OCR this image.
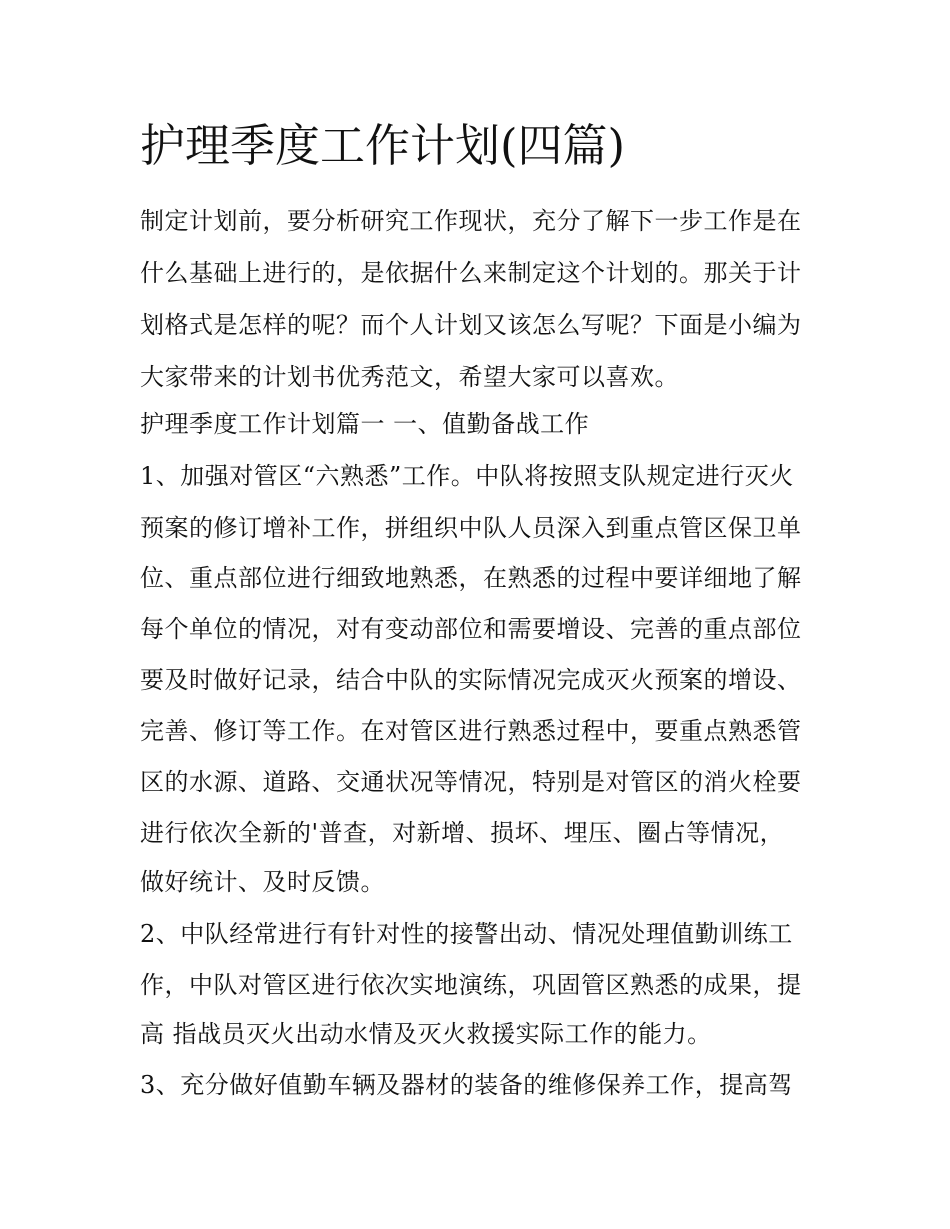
护理季度工作计划(四篇)

制定计划前，要分析研究工作现状，充分了解下一步工作是在

什么基础上进行的，是依据什么来制定这个计划的。那关于计

划格式是怎样的呢？而个人计划又该怎么写呢？下面是小编为

大家带来的计划书优秀范文，希望大家可以喜欢。

护理季度工作计划篇一 一、值勤备战工作

1、加强对管区“六熟悉”工作。中队将按照支队规定进行灭火

预案的修订增补工作，拼组织中队人员深入到重点管区保卫单

位、重点部位进行细致地熟悉，在熟悉的过程中要详细地了解

每个单位的情况，对有变动部位和需要增设、完善的重点部位

要及时做好记录，结合中队的实际情况完成灭火预案的增设、

完善、修订等工作。在对管区进行熟悉过程中，要重点熟悉管

区的水源、道路、交通状况等情况，特别是对管区的消火栓要

进行依次全新的'普查，对新增、损坏、埋压、圈占等情况，

做好统计、及时反馈。

2、中队经常进行有针对性的接警出动、情况处理值勤训练工

作，中队对管区进行依次实地演练，巩固管区熟悉的成果，提

高 指战员灭火出动水情及灭火救援实际工作的能力。

3、充分做好值勤车辆及器材的装备的维修保养工作，提高驾
